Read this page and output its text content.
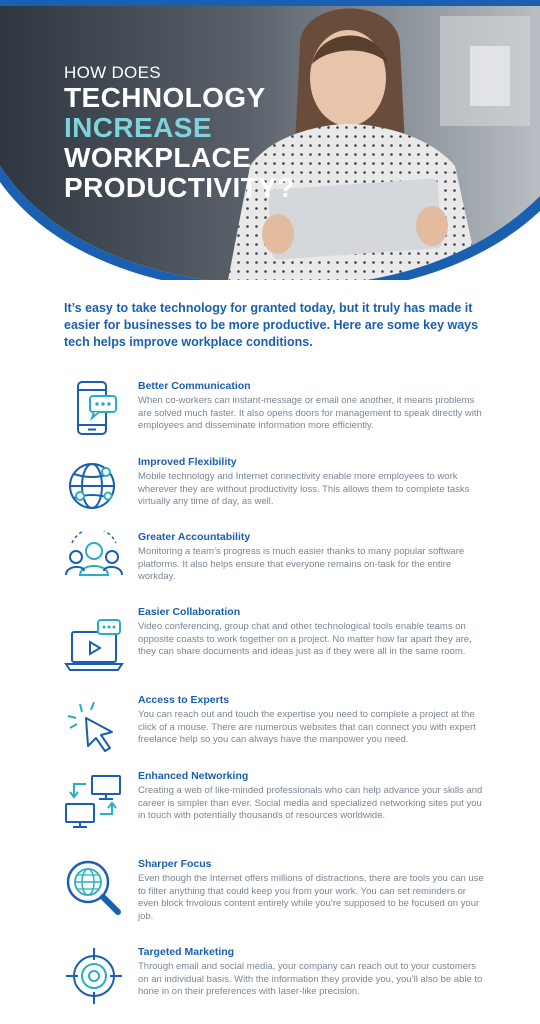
HOW DOES
TECHNOLOGY
INCREASE
WORKPLACE
PRODUCTIVITY?
It’s easy to take technology for granted today, but it truly has made it easier for businesses to be more productive. Here are some key ways tech helps improve workplace conditions.
Better Communication
When co-workers can instant-message or email one another, it means problems are solved much faster. It also opens doors for management to speak directly with employees and disseminate information more efficiently.
Improved Flexibility
Mobile technology and Internet connectivity enable more employees to work wherever they are without productivity loss. This allows them to complete tasks virtually any time of day, as well.
Greater Accountability
Monitoring a team’s progress is much easier thanks to many popular software platforms. It also helps ensure that everyone remains on-task for the entire workday.
Easier Collaboration
Video conferencing, group chat and other technological tools enable teams on opposite coasts to work together on a project. No matter how far apart they are, they can share documents and ideas just as if they were all in the same room.
Access to Experts
You can reach out and touch the expertise you need to complete a project at the click of a mouse. There are numerous websites that can connect you with expert freelance help so you can always have the manpower you need.
Enhanced Networking
Creating a web of like-minded professionals who can help advance your skills and career is simpler than ever. Social media and specialized networking sites put you in touch with potentially thousands of resources worldwide.
Sharper Focus
Even though the Internet offers millions of distractions, there are tools you can use to filter anything that could keep you from your work. You can set reminders or even block frivolous content entirely while you’re supposed to be focused on your job.
Targeted Marketing
Through email and social media, your company can reach out to your customers on an individual basis. With the information they provide you, you’ll also be able to hone in on their preferences with laser-like precision.
